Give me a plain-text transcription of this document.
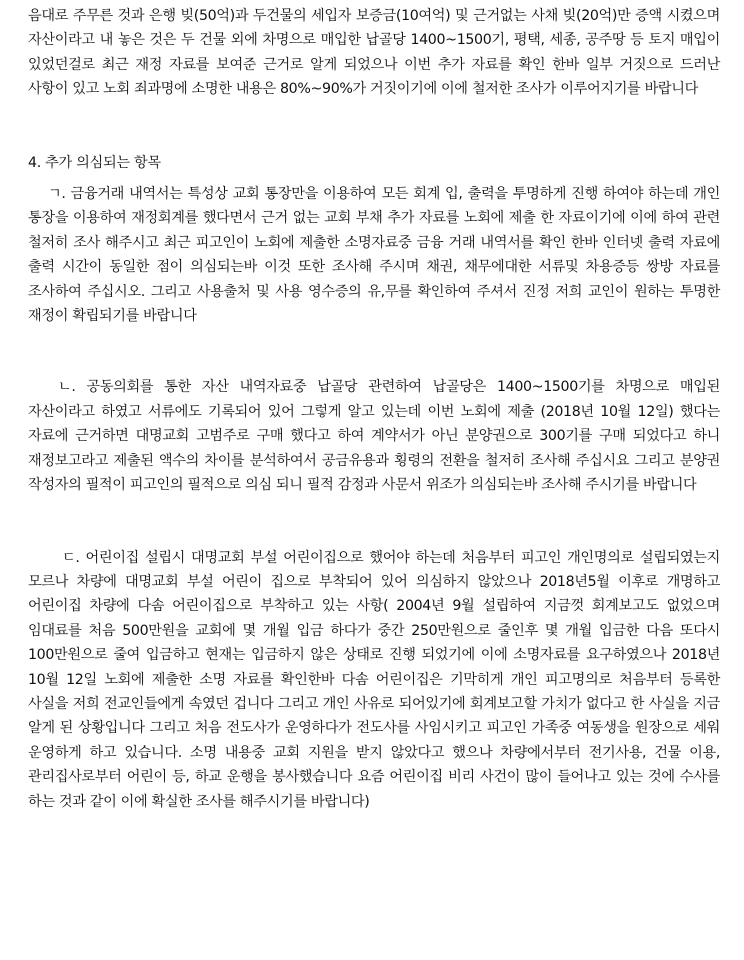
음대로 주무른 것과 은행 빚(50억)과 두건물의 세입자 보증금(10여억) 및 근거없는 사채 빚(20억)만 증액 시켰으며 자산이라고 내 놓은 것은 두 건물 외에 차명으로 매입한 납골당 1400~1500기, 평택, 세종, 공주땅 등 토지 매입이 있었던걸로 최근 재정 자료를 보여준 근거로 알게 되었으나 이번 추가 자료를 확인 한바 일부 거짓으로 드러난 사항이 있고 노회 죄과명에 소명한 내용은 80%~90%가 거짓이기에 이에 철저한 조사가 이루어지기를 바랍니다

4. 추가 의심되는 항목

ㄱ. 금융거래 내역서는 특성상 교회 통장만을 이용하여 모든 회계 입, 출력을 투명하게 진행 하여야 하는데 개인 통장을 이용하여 재정회계를 했다면서 근거 없는 교회 부채 추가 자료를 노회에 제출 한 자료이기에 이에 하여 관련 철저히 조사 해주시고 최근 피고인이 노회에 제출한 소명자료중 금융 거래 내역서를 확인 한바 인터넷 출력 자료에 출력 시간이 동일한 점이 의심되는바 이것 또한 조사해 주시며 채권, 채무에대한 서류및 차용증등 쌍방 자료를 조사하여 주십시오. 그리고 사용출처 및 사용 영수증의 유,무를 확인하여 주셔서 진정 저희 교인이 원하는 투명한 재정이 확립되기를 바랍니다

ㄴ. 공동의회를 통한 자산 내역자료중 납골당 관련하여 납골당은 1400~1500기를 차명으로 매입된 자산이라고 하였고 서류에도 기록되어 있어 그렇게 알고 있는데 이번 노회에 제출 (2018년 10월 12일) 했다는 자료에 근거하면 대명교회 고범주로 구매 했다고 하여 계약서가 아닌 분양권으로 300기를 구매 되었다고 하니 재정보고라고 제출된 액수의 차이를 분석하여서 공금유용과 횡령의 전환을 철저히 조사해 주십시요 그리고 분양권 작성자의 필적이 피고인의 필적으로 의심 되니 필적 감정과 사문서 위조가 의심되는바 조사해 주시기를 바랍니다

ㄷ. 어린이집 설립시 대명교회 부설 어린이집으로 했어야 하는데 처음부터 피고인 개인명의로 설립되였는지 모르나 차량에 대명교회 부설 어린이 집으로 부착되어 있어 의심하지 않았으나 2018년5월 이후로 개명하고 어린이집 차량에 다솜 어린이집으로 부착하고 있는 사항( 2004년 9월 설립하여 지금껏 회계보고도 없었으며 임대료를 처음 500만원을 교회에 몇 개월 입금 하다가 중간 250만원으로 줄인후 몇 개월 입금한 다음 또다시 100만원으로 줄여 입금하고 현재는 입금하지 않은 상태로 진행 되었기에 이에 소명자료를 요구하였으나 2018년 10월 12일 노회에 제출한 소명 자료를 확인한바 다솜 어린이집은 기막히게 개인 피고명의로 처음부터 등록한 사실을 저희 전교인들에게 속였던 겁니다 그리고 개인 사유로 되어있기에 회계보고할 가치가 없다고 한 사실을 지금 알게 된 상황입니다 그리고 처음 전도사가 운영하다가 전도사를 사임시키고 피고인 가족중 여동생을 원장으로 세워 운영하게 하고 있습니다. 소명 내용중 교회 지원을 받지 않았다고 했으나 차량에서부터 전기사용, 건물 이용, 관리집사로부터 어린이 등, 하교 운행을 봉사했습니다 요즘 어린이집 비리 사건이 많이 들어나고 있는 것에 수사를 하는 것과 같이 이에 확실한 조사를 해주시기를 바랍니다)
